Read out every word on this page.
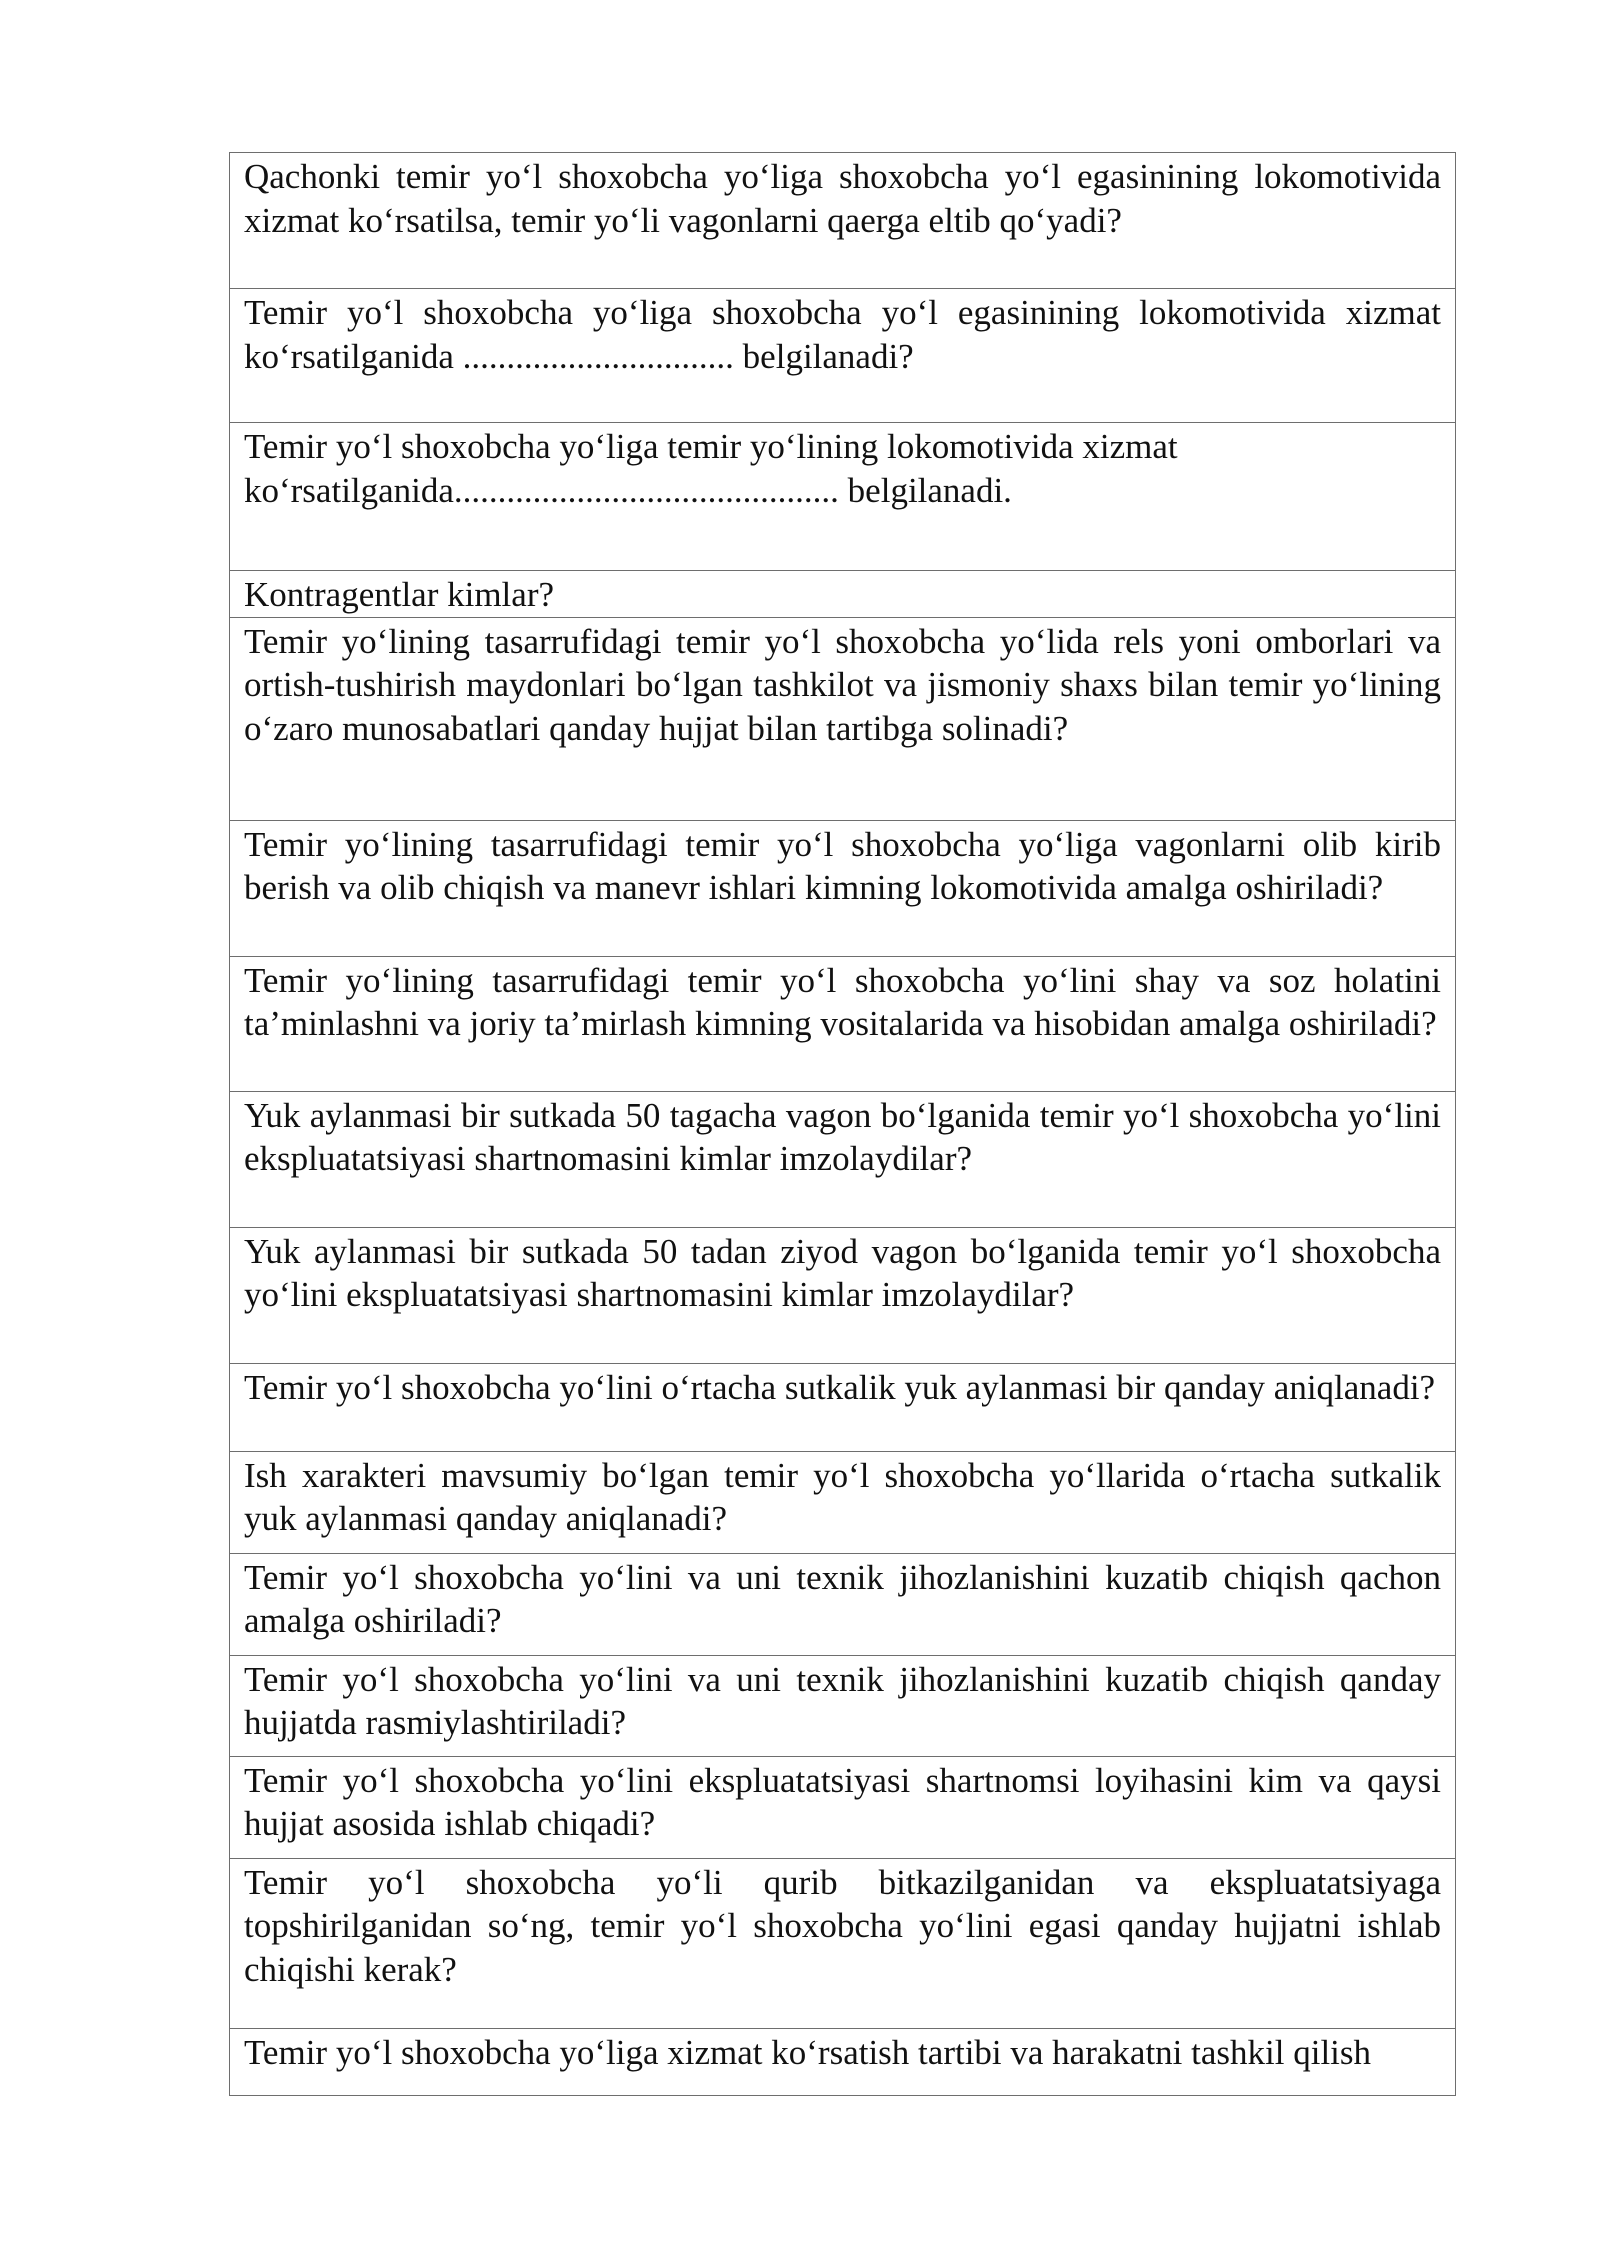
Qachonki temir yo‘l shoxobcha yo‘liga shoxobcha yo‘l egasinining lokomotivida xizmat ko‘rsatilsa, temir yo‘li vagonlarni qaerga eltib qo‘yadi?
Temir yo‘l shoxobcha yo‘liga shoxobcha yo‘l egasinining lokomotivida xizmat ko‘rsatilganida ............................... belgilanadi?
Temir yo‘l shoxobcha yo‘liga temir yo‘lining lokomotivida xizmat ko‘rsatilganida............................................ belgilanadi.
Kontragentlar kimlar?
Temir yo‘lining tasarrufidagi temir yo‘l shoxobcha yo‘lida rels yoni omborlari va ortish-tushirish maydonlari bo‘lgan tashkilot va jismoniy shaxs bilan temir yo‘lining o‘zaro munosabatlari qanday hujjat bilan tartibga solinadi?
Temir yo‘lining tasarrufidagi temir yo‘l shoxobcha yo‘liga vagonlarni olib kirib berish va olib chiqish va manevr ishlari kimning lokomotivida amalga oshiriladi?
Temir yo‘lining tasarrufidagi temir yo‘l shoxobcha yo‘lini shay va soz holatini ta’minlashni va joriy ta’mirlash kimning vositalarida va hisobidan amalga oshiriladi?
Yuk aylanmasi bir sutkada 50 tagacha vagon bo‘lganida temir yo‘l shoxobcha yo‘lini ekspluatatsiyasi shartnomasini kimlar imzolaydilar?
Yuk aylanmasi bir sutkada 50 tadan ziyod vagon bo‘lganida temir yo‘l shoxobcha yo‘lini ekspluatatsiyasi shartnomasini kimlar imzolaydilar?
Temir yo‘l shoxobcha yo‘lini o‘rtacha sutkalik yuk aylanmasi bir qanday aniqlanadi?
Ish xarakteri mavsumiy bo‘lgan temir yo‘l shoxobcha yo‘llarida o‘rtacha sutkalik yuk aylanmasi qanday aniqlanadi?
Temir yo‘l shoxobcha yo‘lini va uni texnik jihozlanishini kuzatib chiqish qachon amalga oshiriladi?
Temir yo‘l shoxobcha yo‘lini va uni texnik jihozlanishini kuzatib chiqish qanday hujjatda rasmiylashtiriladi?
Temir yo‘l shoxobcha yo‘lini ekspluatatsiyasi shartnomsi loyihasini kim va qaysi hujjat asosida ishlab chiqadi?
Temir yo‘l shoxobcha yo‘li qurib bitkazilganidan va ekspluatatsiyaga topshirilganidan so‘ng, temir yo‘l shoxobcha yo‘lini egasi qanday hujjatni ishlab chiqishi kerak?
Temir yo‘l shoxobcha yo‘liga xizmat ko‘rsatish tartibi va harakatni tashkil qilish
